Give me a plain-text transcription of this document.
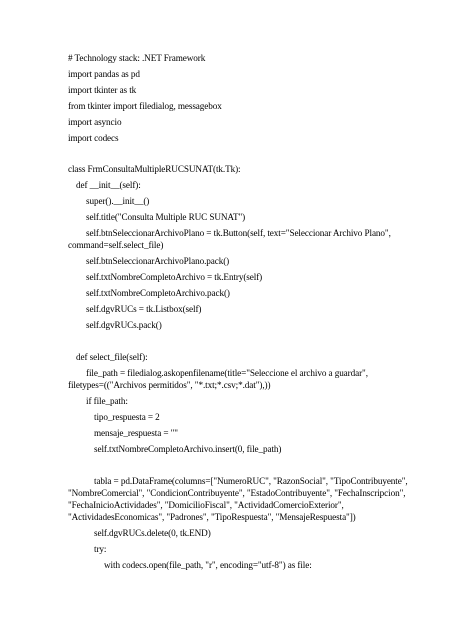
# Technology stack: .NET Framework
import pandas as pd
import tkinter as tk
from tkinter import filedialog, messagebox
import asyncio
import codecs
class FrmConsultaMultipleRUCSUNAT(tk.Tk):
def __init__(self):
super().__init__()
self.title("Consulta Multiple RUC SUNAT")
self.btnSeleccionarArchivoPlano = tk.Button(self, text="Seleccionar Archivo Plano",
command=self.select_file)
self.btnSeleccionarArchivoPlano.pack()
self.txtNombreCompletoArchivo = tk.Entry(self)
self.txtNombreCompletoArchivo.pack()
self.dgvRUCs = tk.Listbox(self)
self.dgvRUCs.pack()
def select_file(self):
file_path = filedialog.askopenfilename(title="Seleccione el archivo a guardar",
filetypes=(("Archivos permitidos", "*.txt;*.csv;*.dat"),))
if file_path:
tipo_respuesta = 2
mensaje_respuesta = ""
self.txtNombreCompletoArchivo.insert(0, file_path)
tabla = pd.DataFrame(columns=["NumeroRUC", "RazonSocial", "TipoContribuyente",
"NombreComercial", "CondicionContribuyente", "EstadoContribuyente", "FechaInscripcion",
"FechaInicioActividades", "DomicilioFiscal", "ActividadComercioExterior",
"ActividadesEconomicas", "Padrones", "TipoRespuesta", "MensajeRespuesta"])
self.dgvRUCs.delete(0, tk.END)
try:
with codecs.open(file_path, "r", encoding="utf-8") as file:
